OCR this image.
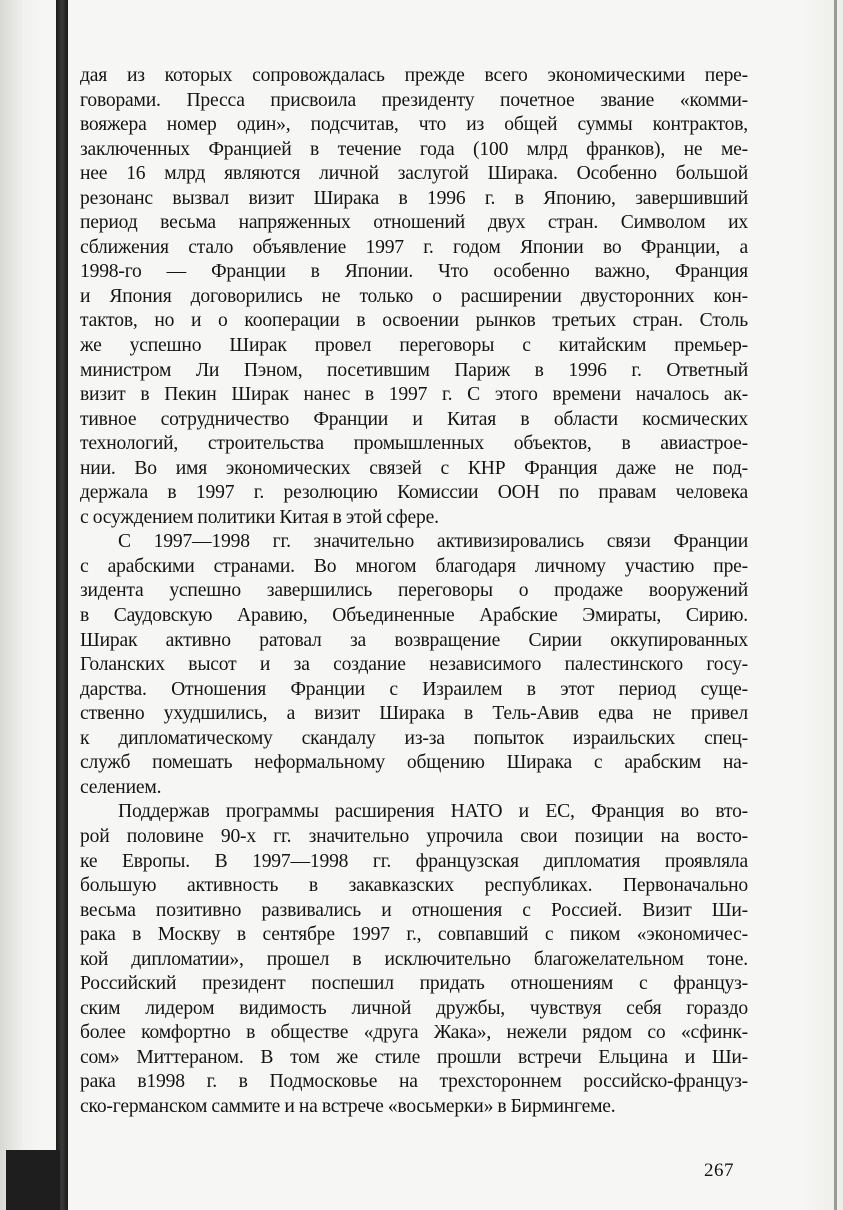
дая из которых сопровождалась прежде всего экономическими пере-
говорами. Пресса присвоила президенту почетное звание «комми-
вояжера номер один», подсчитав, что из общей суммы контрактов,
заключенных Францией в течение года (100 млрд франков), не ме-
нее 16 млрд являются личной заслугой Ширака. Особенно большой
резонанс вызвал визит Ширака в 1996 г. в Японию, завершивший
период весьма напряженных отношений двух стран. Символом их
сближения стало объявление 1997 г. годом Японии во Франции, а
1998-го — Франции в Японии. Что особенно важно, Франция
и Япония договорились не только о расширении двусторонних кон-
тактов, но и о кооперации в освоении рынков третьих стран. Столь
же успешно Ширак провел переговоры с китайским премьер-
министром Ли Пэном, посетившим Париж в 1996 г. Ответный
визит в Пекин Ширак нанес в 1997 г. С этого времени началось ак-
тивное сотрудничество Франции и Китая в области космических
технологий, строительства промышленных объектов, в авиастрое-
нии. Во имя экономических связей с КНР Франция даже не под-
держала в 1997 г. резолюцию Комиссии ООН по правам человека
с осуждением политики Китая в этой сфере.

С 1997—1998 гг. значительно активизировались связи Франции
с арабскими странами. Во многом благодаря личному участию пре-
зидента успешно завершились переговоры о продаже вооружений
в Саудовскую Аравию, Объединенные Арабские Эмираты, Сирию.
Ширак активно ратовал за возвращение Сирии оккупированных
Голанских высот и за создание независимого палестинского госу-
дарства. Отношения Франции с Израилем в этот период суще-
ственно ухудшились, а визит Ширака в Тель-Авив едва не привел
к дипломатическому скандалу из-за попыток израильских спец-
служб помешать неформальному общению Ширака с арабским на-
селением.

Поддержав программы расширения НАТО и ЕС, Франция во вто-
рой половине 90-х гг. значительно упрочила свои позиции на восто-
ке Европы. В 1997—1998 гг. французская дипломатия проявляла
большую активность в закавказских республиках. Первоначально
весьма позитивно развивались и отношения с Россией. Визит Ши-
рака в Москву в сентябре 1997 г., совпавший с пиком «экономичес-
кой дипломатии», прошел в исключительно благожелательном тоне.
Российский президент поспешил придать отношениям с француз-
ским лидером видимость личной дружбы, чувствуя себя гораздо
более комфортно в обществе «друга Жака», нежели рядом со «сфинк-
сом» Миттераном. В том же стиле прошли встречи Ельцина и Ши-
рака в1998 г. в Подмосковье на трехстороннем российско-француз-
ско-германском саммите и на встрече «восьмерки» в Бирмингеме.

267
